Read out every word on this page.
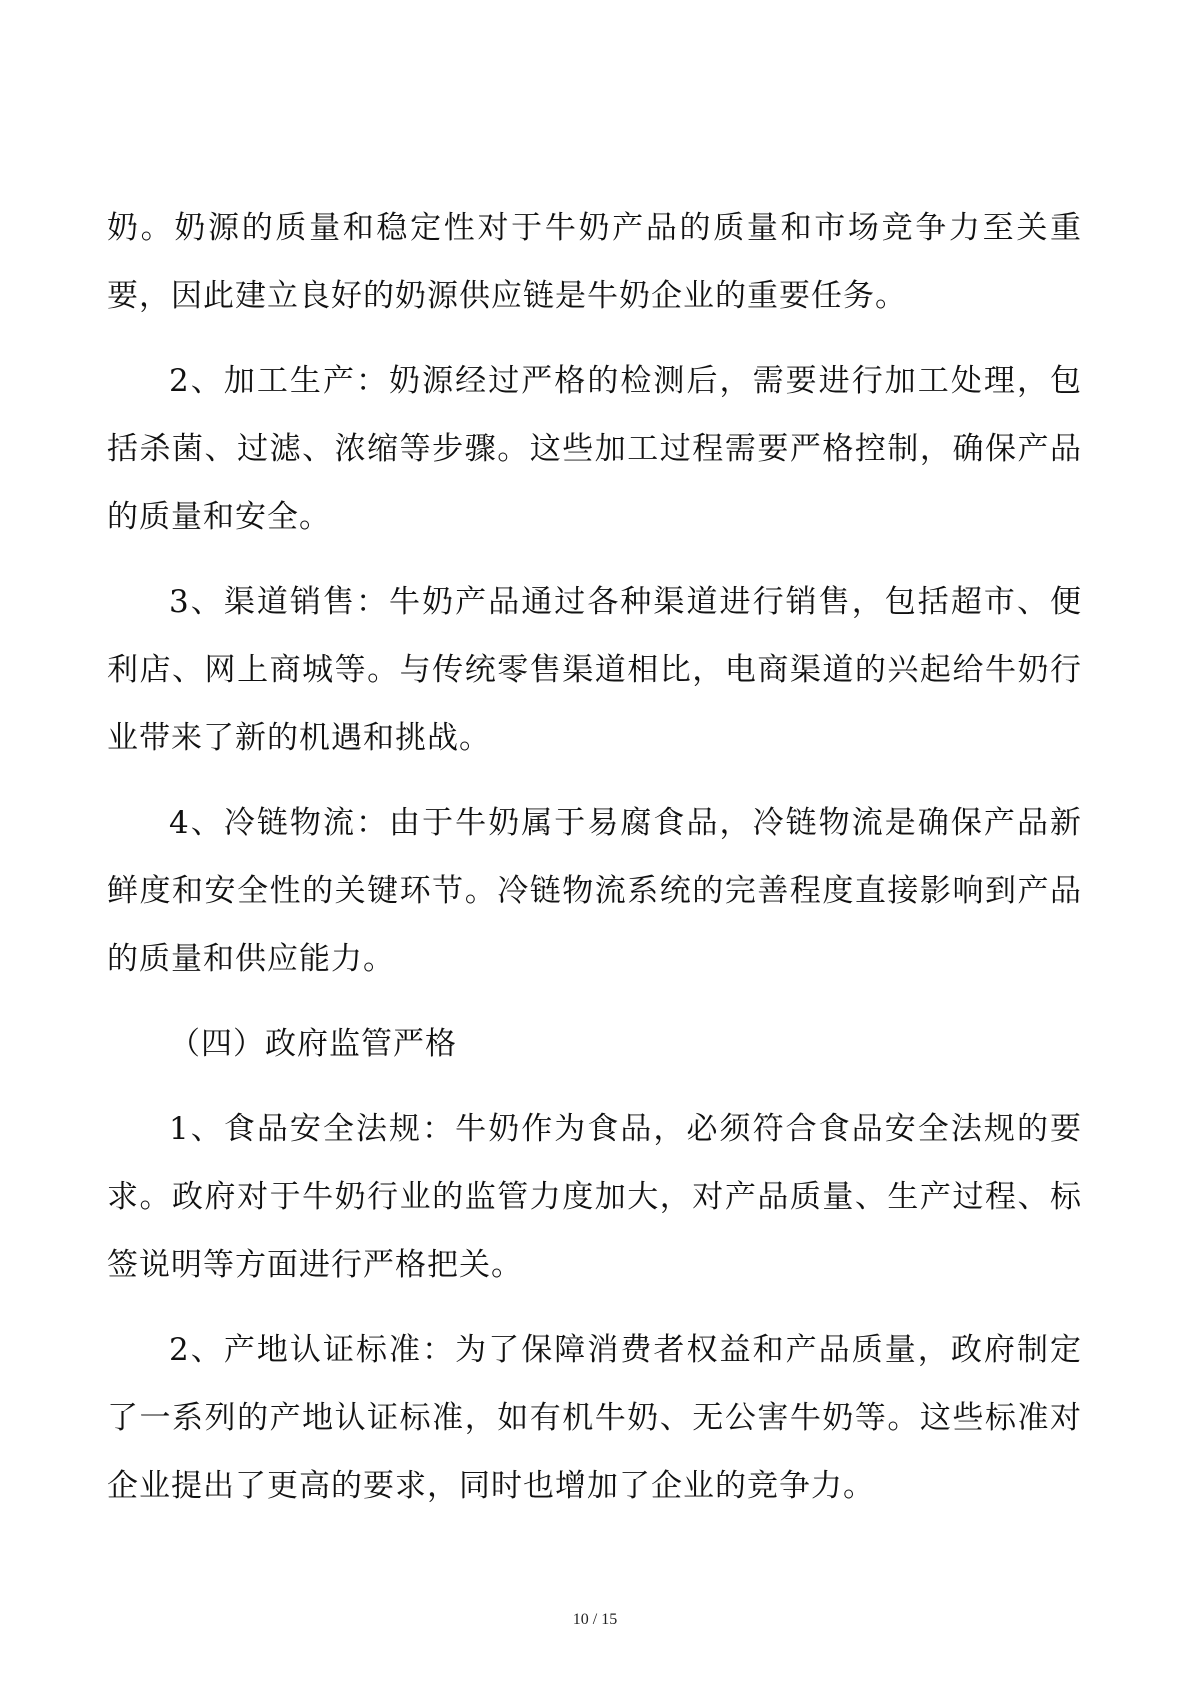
奶。奶源的质量和稳定性对于牛奶产品的质量和市场竞争力至关重要，因此建立良好的奶源供应链是牛奶企业的重要任务。

2、加工生产：奶源经过严格的检测后，需要进行加工处理，包括杀菌、过滤、浓缩等步骤。这些加工过程需要严格控制，确保产品的质量和安全。

3、渠道销售：牛奶产品通过各种渠道进行销售，包括超市、便利店、网上商城等。与传统零售渠道相比，电商渠道的兴起给牛奶行业带来了新的机遇和挑战。

4、冷链物流：由于牛奶属于易腐食品，冷链物流是确保产品新鲜度和安全性的关键环节。冷链物流系统的完善程度直接影响到产品的质量和供应能力。

（四）政府监管严格

1、食品安全法规：牛奶作为食品，必须符合食品安全法规的要求。政府对于牛奶行业的监管力度加大，对产品质量、生产过程、标签说明等方面进行严格把关。

2、产地认证标准：为了保障消费者权益和产品质量，政府制定了一系列的产地认证标准，如有机牛奶、无公害牛奶等。这些标准对企业提出了更高的要求，同时也增加了企业的竞争力。

10 / 15
